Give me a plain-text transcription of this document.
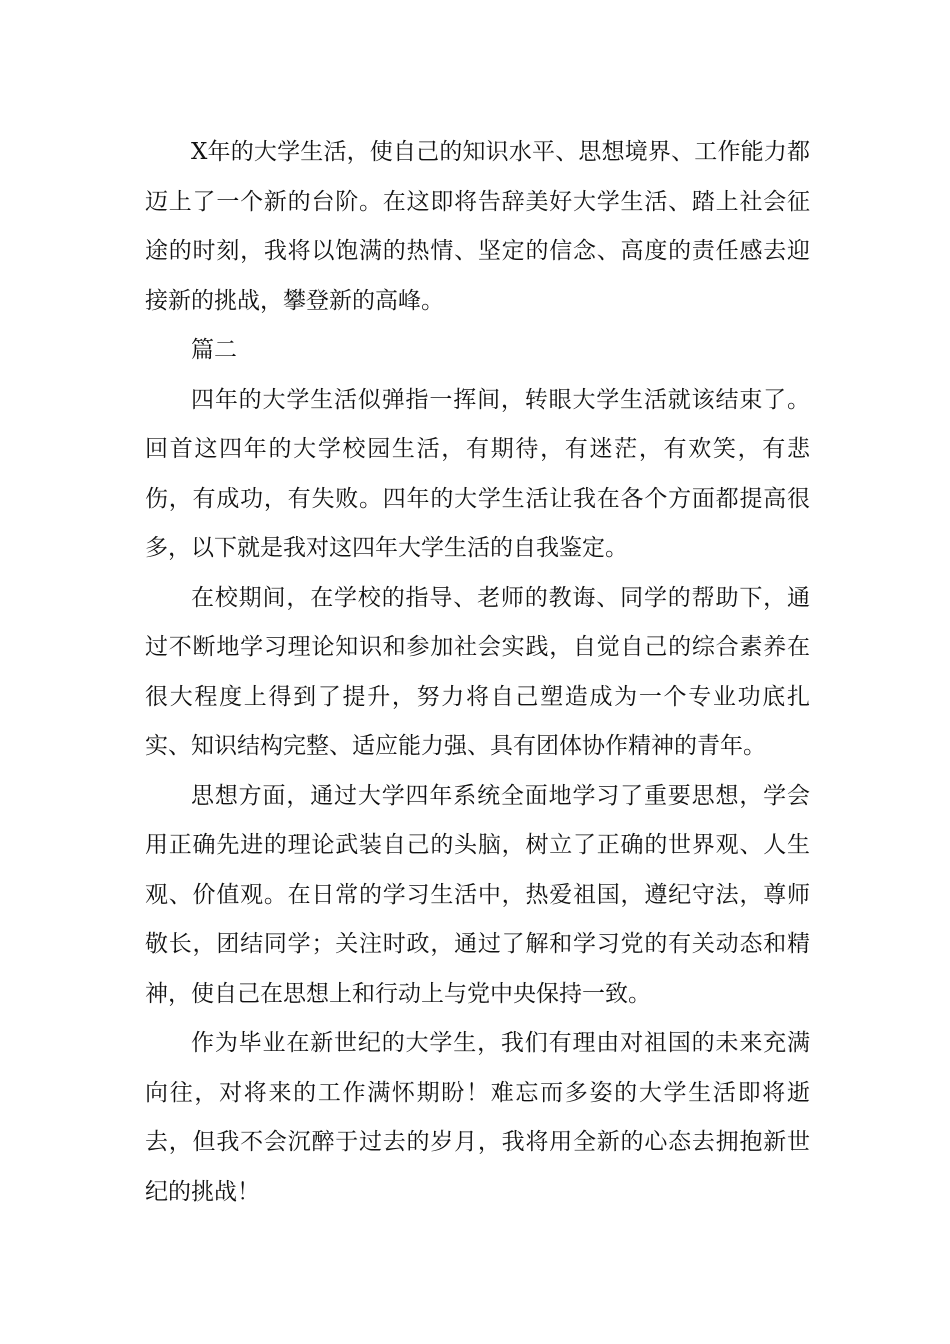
X年的大学生活，使自己的知识水平、思想境界、工作能力都迈上了一个新的台阶。在这即将告辞美好大学生活、踏上社会征途的时刻，我将以饱满的热情、坚定的信念、高度的责任感去迎接新的挑战，攀登新的高峰。

篇二

四年的大学生活似弹指一挥间，转眼大学生活就该结束了。回首这四年的大学校园生活，有期待，有迷茫，有欢笑，有悲伤，有成功，有失败。四年的大学生活让我在各个方面都提高很多，以下就是我对这四年大学生活的自我鉴定。

在校期间，在学校的指导、老师的教诲、同学的帮助下，通过不断地学习理论知识和参加社会实践，自觉自己的综合素养在很大程度上得到了提升，努力将自己塑造成为一个专业功底扎实、知识结构完整、适应能力强、具有团体协作精神的青年。

思想方面，通过大学四年系统全面地学习了重要思想，学会用正确先进的理论武装自己的头脑，树立了正确的世界观、人生观、价值观。在日常的学习生活中，热爱祖国，遵纪守法，尊师敬长，团结同学；关注时政，通过了解和学习党的有关动态和精神，使自己在思想上和行动上与党中央保持一致。

作为毕业在新世纪的大学生，我们有理由对祖国的未来充满向往，对将来的工作满怀期盼！难忘而多姿的大学生活即将逝去，但我不会沉醉于过去的岁月，我将用全新的心态去拥抱新世纪的挑战！
